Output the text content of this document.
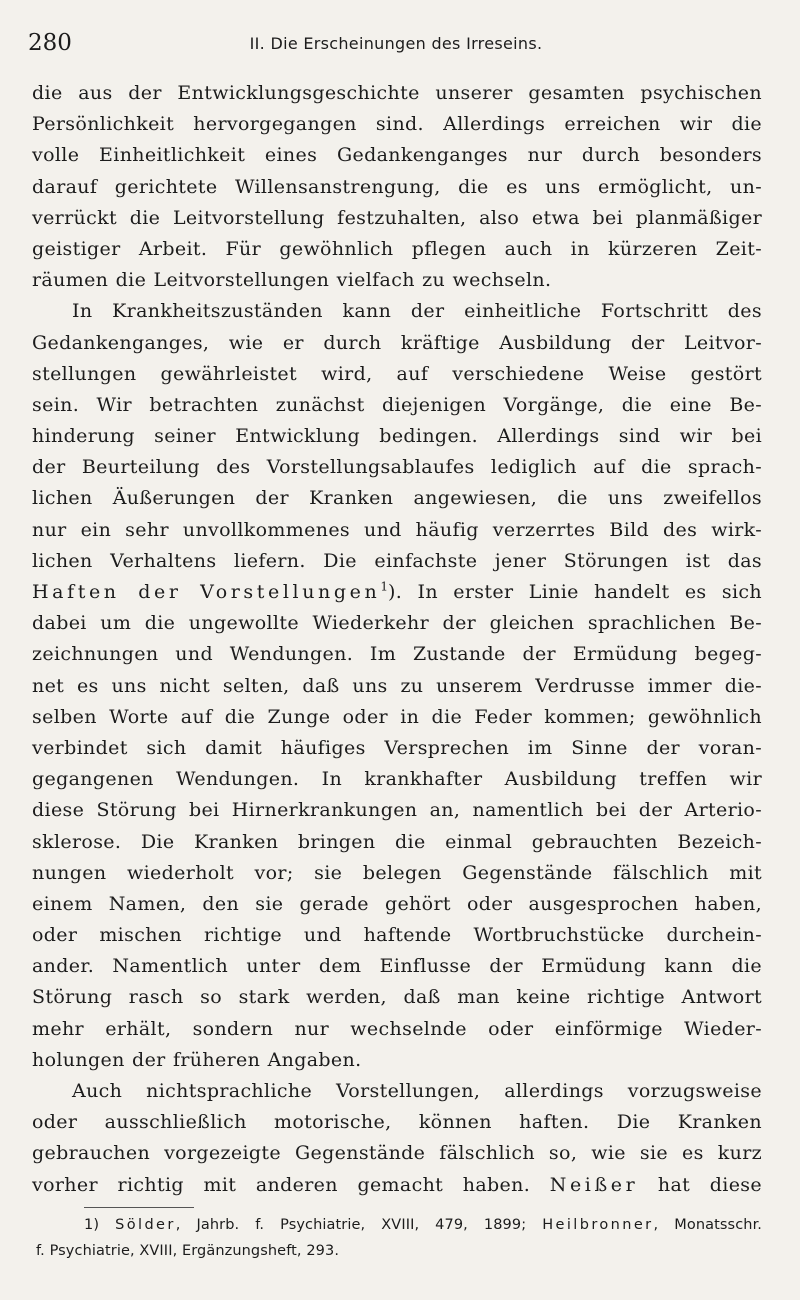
280	II. Die Erscheinungen des Irreseins.
die aus der Entwicklungsgeschichte unserer gesamten psychischen
Persönlichkeit hervorgegangen sind. Allerdings erreichen wir die
volle Einheitlichkeit eines Gedankenganges nur durch besonders
darauf gerichtete Willensanstrengung, die es uns ermöglicht, un-
verrückt die Leitvorstellung festzuhalten, also etwa bei planmäßiger
geistiger Arbeit. Für gewöhnlich pflegen auch in kürzeren Zeit-
räumen die Leitvorstellungen vielfach zu wechseln.
In Krankheitszuständen kann der einheitliche Fortschritt des
Gedankenganges, wie er durch kräftige Ausbildung der Leitvor-
stellungen gewährleistet wird, auf verschiedene Weise gestört
sein. Wir betrachten zunächst diejenigen Vorgänge, die eine Be-
hinderung seiner Entwicklung bedingen. Allerdings sind wir bei
der Beurteilung des Vorstellungsablaufes lediglich auf die sprach-
lichen Äußerungen der Kranken angewiesen, die uns zweifellos
nur ein sehr unvollkommenes und häufig verzerrtes Bild des wirk-
lichen Verhaltens liefern. Die einfachste jener Störungen ist das
Haften der Vorstellungen$^1$). In erster Linie handelt es sich
dabei um die ungewollte Wiederkehr der gleichen sprachlichen Be-
zeichnungen und Wendungen. Im Zustande der Ermüdung begeg-
net es uns nicht selten, daß uns zu unserem Verdrusse immer die-
selben Worte auf die Zunge oder in die Feder kommen; gewöhnlich
verbindet sich damit häufiges Versprechen im Sinne der voran-
gegangenen Wendungen. In krankhafter Ausbildung treffen wir
diese Störung bei Hirnerkrankungen an, namentlich bei der Arterio-
sklerose. Die Kranken bringen die einmal gebrauchten Bezeich-
nungen wiederholt vor; sie belegen Gegenstände fälschlich mit
einem Namen, den sie gerade gehört oder ausgesprochen haben,
oder mischen richtige und haftende Wortbruchstücke durchein-
ander. Namentlich unter dem Einflusse der Ermüdung kann die
Störung rasch so stark werden, daß man keine richtige Antwort
mehr erhält, sondern nur wechselnde oder einförmige Wieder-
holungen der früheren Angaben.
Auch nichtsprachliche Vorstellungen, allerdings vorzugsweise
oder ausschließlich motorische, können haften. Die Kranken
gebrauchen vorgezeigte Gegenstände fälschlich so, wie sie es kurz
vorher richtig mit anderen gemacht haben. Neißer hat diese
1) Sölder, Jahrb. f. Psychiatrie, XVIII, 479, 1899; Heilbronner, Monatsschr.
f. Psychiatrie, XVIII, Ergänzungsheft, 293.
